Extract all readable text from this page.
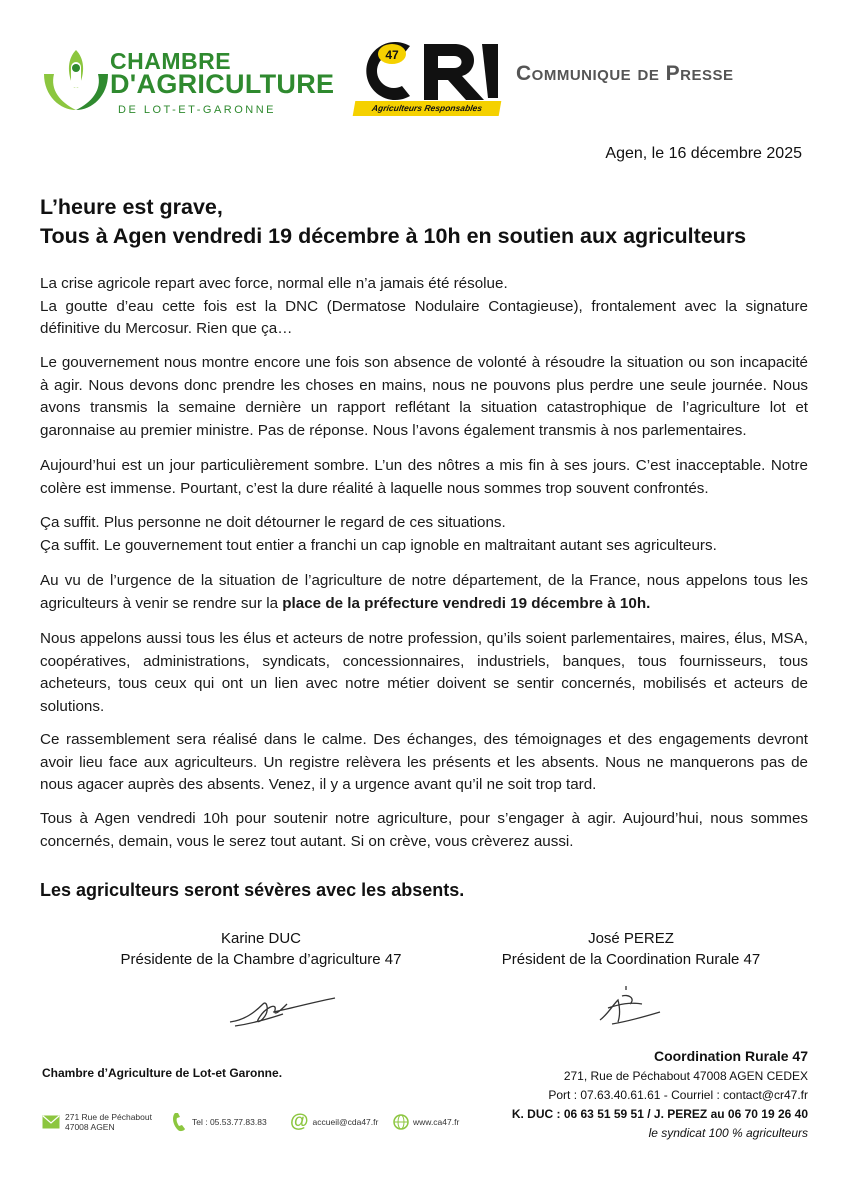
CHAMBRE
D'AGRICULTURE
DE LOT-ET-GARONNE
47
Agriculteurs Responsables
Communique de Presse
Agen, le 16 décembre 2025
L’heure est grave,
Tous à Agen vendredi 19 décembre à 10h en soutien aux agriculteurs
La crise agricole repart avec force, normal elle n’a jamais été résolue.
La goutte d’eau cette fois est la DNC (Dermatose Nodulaire Contagieuse), frontalement avec la signature définitive du Mercosur. Rien que ça…
Le gouvernement nous montre encore une fois son absence de volonté à résoudre la situation ou son incapacité à agir. Nous devons donc prendre les choses en mains, nous ne pouvons plus perdre une seule journée. Nous avons transmis la semaine dernière un rapport reflétant la situation catastrophique de l’agriculture lot et garonnaise au premier ministre. Pas de réponse. Nous l’avons également transmis à nos parlementaires.
Aujourd’hui est un jour particulièrement sombre. L’un des nôtres a mis fin à ses jours. C’est inacceptable. Notre colère est immense. Pourtant, c’est la dure réalité à laquelle nous sommes trop souvent confrontés.
Ça suffit. Plus personne ne doit détourner le regard de ces situations.
Ça suffit. Le gouvernement tout entier a franchi un cap ignoble en maltraitant autant ses agriculteurs.
Au vu de l’urgence de la situation de l’agriculture de notre département, de la France, nous appelons tous les agriculteurs à venir se rendre sur la place de la préfecture vendredi 19 décembre à 10h.
Nous appelons aussi tous les élus et acteurs de notre profession, qu’ils soient parlementaires, maires, élus, MSA, coopératives, administrations, syndicats, concessionnaires, industriels, banques, tous fournisseurs, tous acheteurs, tous ceux qui ont un lien avec notre métier doivent se sentir concernés, mobilisés et acteurs de solutions.
Ce rassemblement sera réalisé dans le calme. Des échanges, des témoignages et des engagements devront avoir lieu face aux agriculteurs. Un registre relèvera les présents et les absents. Nous ne manquerons pas de nous agacer auprès des absents. Venez, il y a urgence avant qu’il ne soit trop tard.
Tous à Agen vendredi 10h pour soutenir notre agriculture, pour s’engager à agir. Aujourd’hui, nous sommes concernés, demain, vous le serez tout autant. Si on crève, vous crèverez aussi.
Les agriculteurs seront sévères avec les absents.
Karine DUC
Présidente de la Chambre d’agriculture 47
José PEREZ
Président de la Coordination Rurale 47
Chambre d’Agriculture de Lot-et Garonne.
271 Rue de Péchabout
47008 AGEN	Tel : 05.53.77.83.83 @ accueil@cda47.fr	www.ca47.fr
Coordination Rurale 47
271, Rue de Péchabout 47008 AGEN CEDEX
Port : 07.63.40.61.61 - Courriel : contact@cr47.fr
K. DUC : 06 63 51 59 51 / J. PEREZ au 06 70 19 26 40
le syndicat 100 % agriculteurs
